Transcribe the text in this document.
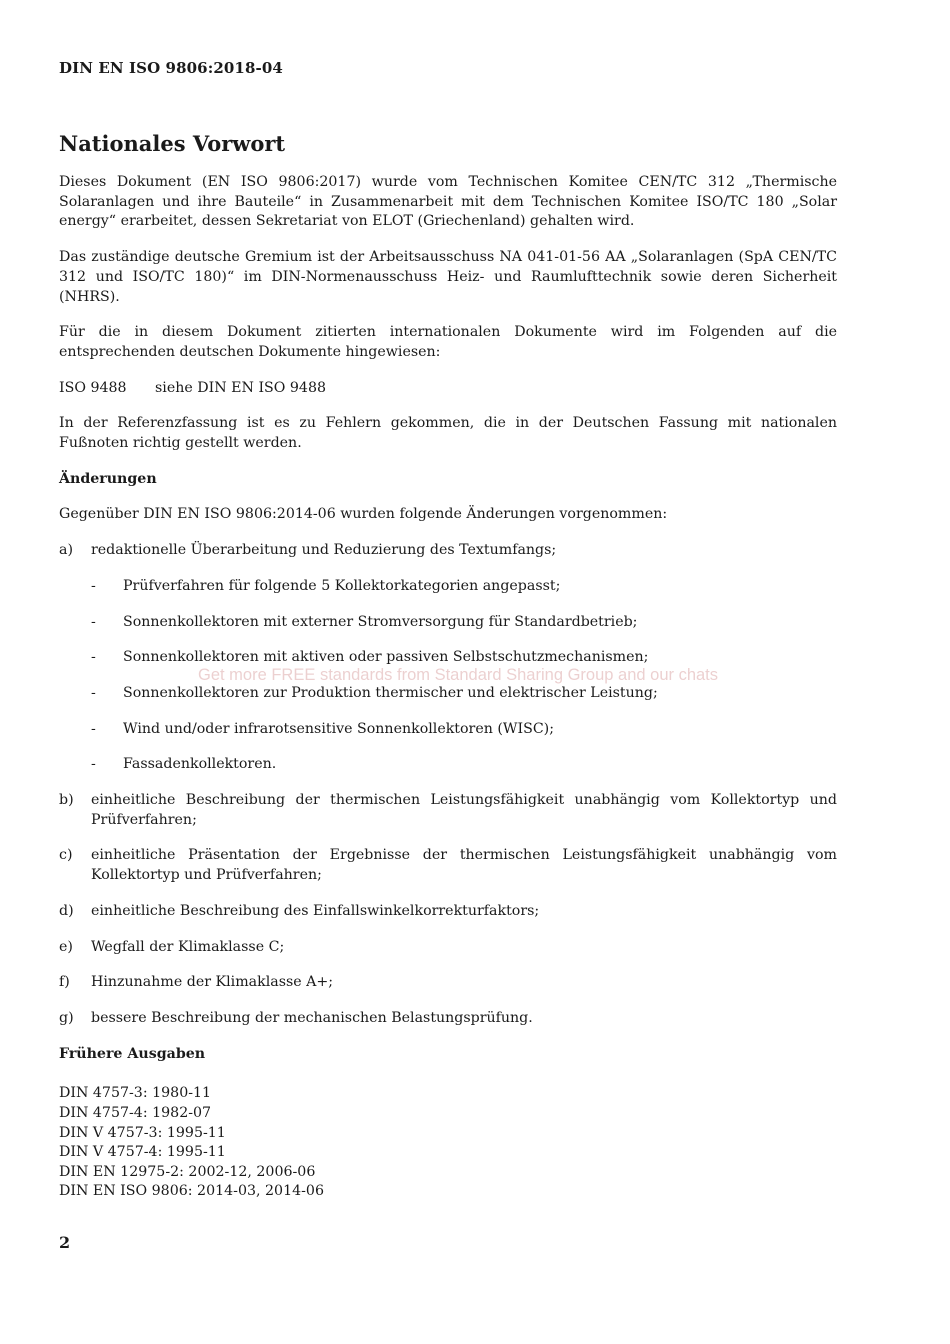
DIN EN ISO 9806:2018-04
Nationales Vorwort

Dieses Dokument (EN ISO 9806:2017) wurde vom Technischen Komitee CEN/TC 312 „Thermische Solaranlagen und ihre Bauteile“ in Zusammenarbeit mit dem Technischen Komitee ISO/TC 180 „Solar energy“ erarbeitet, dessen Sekretariat von ELOT (Griechenland) gehalten wird.

Das zuständige deutsche Gremium ist der Arbeitsausschuss NA 041-01-56 AA „Solaranlagen (SpA CEN/TC 312 und ISO/TC 180)“ im DIN-Normenausschuss Heiz- und Raumlufttechnik sowie deren Sicherheit (NHRS).

Für die in diesem Dokument zitierten internationalen Dokumente wird im Folgenden auf die entsprechenden deutschen Dokumente hingewiesen:

ISO 9488 siehe DIN EN ISO 9488

In der Referenzfassung ist es zu Fehlern gekommen, die in der Deutschen Fassung mit nationalen Fußnoten richtig gestellt werden.

Änderungen

Gegenüber DIN EN ISO 9806:2014-06 wurden folgende Änderungen vorgenommen:

a)	redaktionelle Überarbeitung und Reduzierung des Textumfangs;
-	Prüfverfahren für folgende 5 Kollektorkategorien angepasst;
-	Sonnenkollektoren mit externer Stromversorgung für Standardbetrieb;
-	Sonnenkollektoren mit aktiven oder passiven Selbstschutzmechanismen;
-	Sonnenkollektoren zur Produktion thermischer und elektrischer Leistung;
-	Wind und/oder infrarotsensitive Sonnenkollektoren (WISC);
-	Fassadenkollektoren.
b)	einheitliche Beschreibung der thermischen Leistungsfähigkeit unabhängig vom Kollektortyp und Prüfverfahren;
c)	einheitliche Präsentation der Ergebnisse der thermischen Leistungsfähigkeit unabhängig vom Kollektortyp und Prüfverfahren;
d)	einheitliche Beschreibung des Einfallswinkelkorrekturfaktors;
e)	Wegfall der Klimaklasse C;
f)	Hinzunahme der Klimaklasse A+;
g)	bessere Beschreibung der mechanischen Belastungsprüfung.
Frühere Ausgaben
DIN 4757-3: 1980-11
DIN 4757-4: 1982-07
DIN V 4757-3: 1995-11
DIN V 4757-4: 1995-11
DIN EN 12975-2: 2002-12, 2006-06
DIN EN ISO 9806: 2014-03, 2014-06
Get more FREE standards from Standard Sharing Group and our chats
2
